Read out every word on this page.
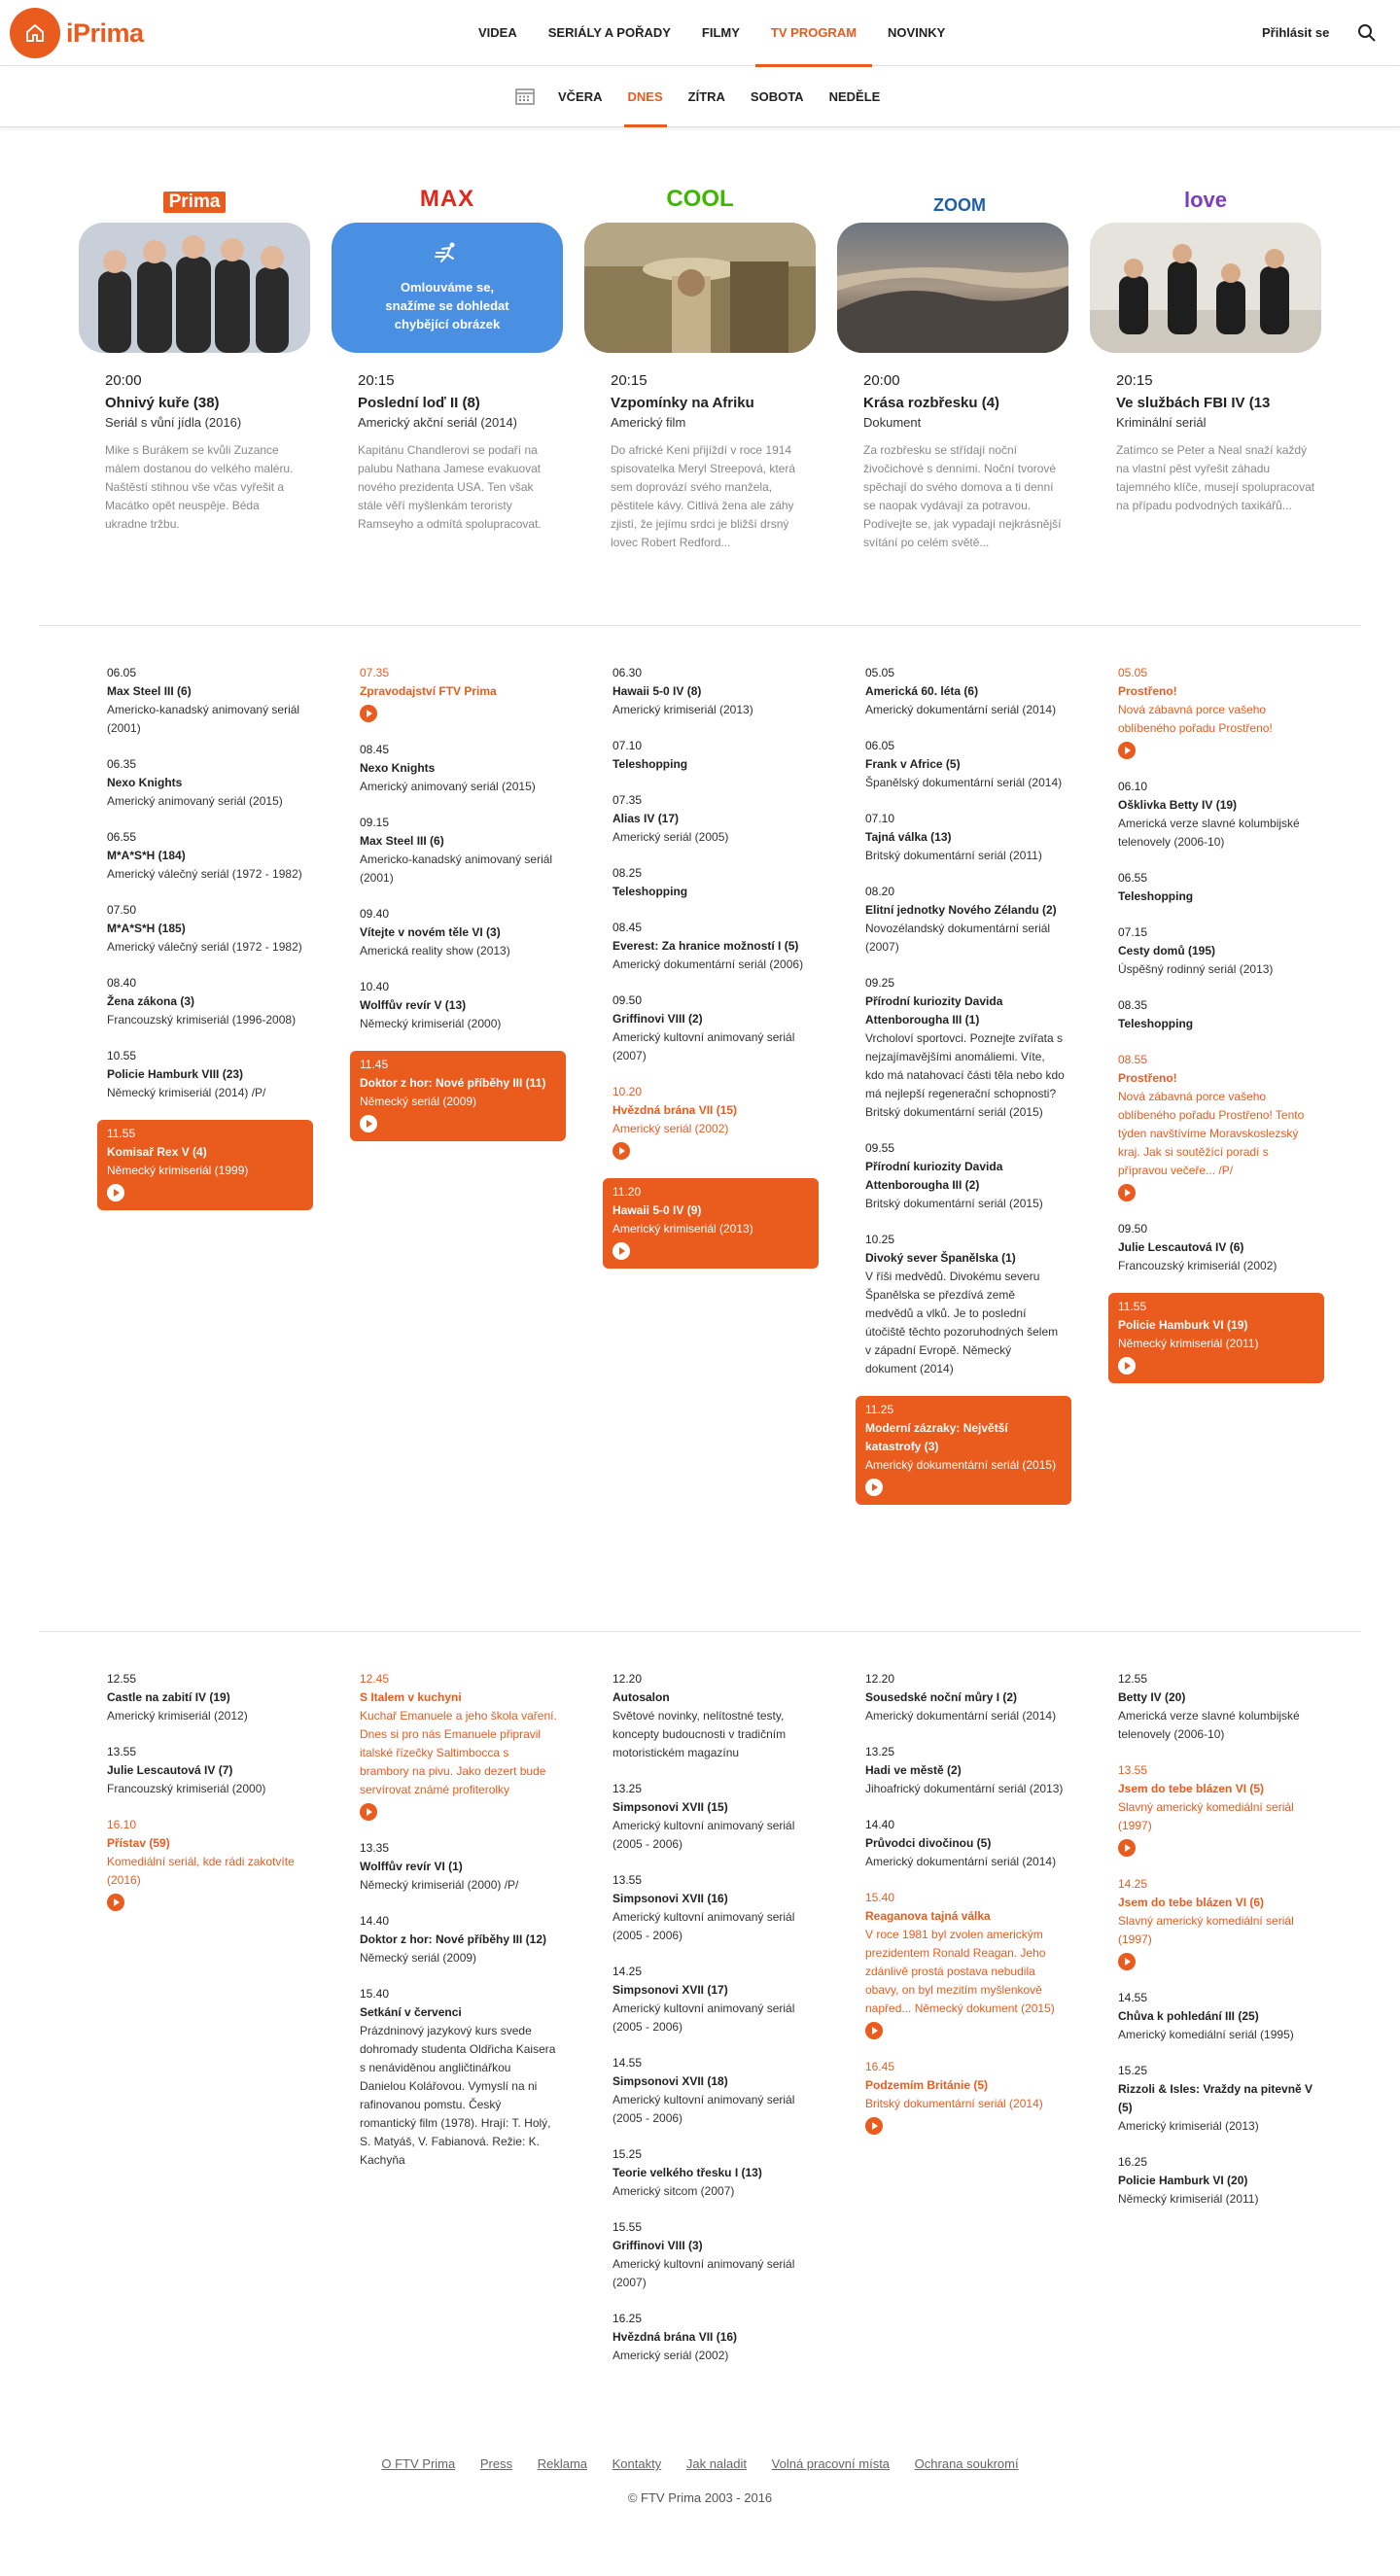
iPrima	VIDEA	SERIÁLY A POŘADY	FILMY	TV PROGRAM	NOVINKY	Přihlásit se
VČERA DNES ZÍTRA SOBOTA NEDĚLE
Prima
20:00
Ohnivý kuře (38)
Seriál s vůní jídla (2016)
Mike s Burákem se kvůli Zuzance málem dostanou do velkého maléru. Naštěstí stihnou vše včas vyřešit a Macátko opět neuspěje. Béda ukradne tržbu.
MAX
Omlouváme se, snažíme se dohledat chybějící obrázek
20:15
Poslední loď II (8)
Americký akční seriál (2014)
Kapitánu Chandlerovi se podaří na palubu Nathana Jamese evakuovat nového prezidenta USA. Ten však stále věří myšlenkám teroristy Ramseyho a odmítá spolupracovat.
COOL
20:15
Vzpomínky na Afriku
Americký film
Do africké Keni přijíždí v roce 1914 spisovatelka Meryl Streepová, která sem doprovází svého manžela, pěstitele kávy. Citlivá žena ale záhy zjistí, že jejímu srdci je bližší drsný lovec Robert Redford...
ZOOM
20:00
Krása rozbřesku (4)
Dokument
Za rozbřesku se střídají noční živočichové s denními. Noční tvorové spěchají do svého domova a ti denní se naopak vydávají za potravou. Podívejte se, jak vypadají nejkrásnější svítání po celém světě...
love
20:15
Ve službách FBI IV (13
Kriminální seriál
Zatímco se Peter a Neal snaží každý na vlastní pěst vyřešit záhadu tajemného klíče, musejí spolupracovat na případu podvodných taxikářů...
06.05
Max Steel III (6)
Americko-kanadský animovaný seriál (2001)
06.35
Nexo Knights
Americký animovaný seriál (2015)
06.55
M*A*S*H (184)
Americký válečný seriál (1972 - 1982)
07.50
M*A*S*H (185)
Americký válečný seriál (1972 - 1982)
08.40
Žena zákona (3)
Francouzský krimiseriál (1996-2008)
10.55
Policie Hamburk VIII (23)
Německý krimiseriál (2014) /P/
11.55
Komisař Rex V (4)
Německý krimiseriál (1999)
07.35
Zpravodajství FTV Prima
08.45
Nexo Knights
Americký animovaný seriál (2015)
09.15
Max Steel III (6)
Americko-kanadský animovaný seriál (2001)
09.40
Vítejte v novém těle VI (3)
Americká reality show (2013)
10.40
Wolffův revír V (13)
Německý krimiseriál (2000)
11.45
Doktor z hor: Nové příběhy III (11)
Německý seriál (2009)
06.30
Hawaii 5-0 IV (8)
Americký krimiseriál (2013)
07.10
Teleshopping
07.35
Alias IV (17)
Americký seriál (2005)
08.25
Teleshopping
08.45
Everest: Za hranice možností I (5)
Americký dokumentární seriál (2006)
09.50
Griffinovi VIII (2)
Americký kultovní animovaný seriál (2007)
10.20
Hvězdná brána VII (15)
Americký seriál (2002)
11.20
Hawaii 5-0 IV (9)
Americký krimiseriál (2013)
05.05
Americká 60. léta (6)
Americký dokumentární seriál (2014)
06.05
Frank v Africe (5)
Španělský dokumentární seriál (2014)
07.10
Tajná válka (13)
Britský dokumentární seriál (2011)
08.20
Elitní jednotky Nového Zélandu (2)
Novozélandský dokumentární seriál (2007)
09.25
Přírodní kuriozity Davida Attenborougha III (1)
Vrcholoví sportovci. Poznejte zvířata s nejzajímavějšími anomáliemi. Víte, kdo má natahovací části těla nebo kdo má nejlepší regenerační schopnosti? Britský dokumentární seriál (2015)
09.55
Přírodní kuriozity Davida Attenborougha III (2)
Britský dokumentární seriál (2015)
10.25
Divoký sever Španělska (1)
V říši medvědů. Divokému severu Španělska se přezdívá země medvědů a vlků. Je to poslední útočiště těchto pozoruhodných šelem v západní Evropě. Německý dokument (2014)
11.25
Moderní zázraky: Největší katastrofy (3)
Americký dokumentární seriál (2015)
05.05
Prostřeno!
Nová zábavná porce vašeho oblíbeného pořadu Prostřeno!
06.10
Ošklivka Betty IV (19)
Americká verze slavné kolumbijské telenovely (2006-10)
06.55
Teleshopping
07.15
Cesty domů (195)
Úspěšný rodinný seriál (2013)
08.35
Teleshopping
08.55
Prostřeno!
Nová zábavná porce vašeho oblíbeného pořadu Prostřeno! Tento týden navštívíme Moravskoslezský kraj. Jak si soutěžící poradí s přípravou večeře... /P/
09.50
Julie Lescautová IV (6)
Francouzský krimiseriál (2002)
11.55
Policie Hamburk VI (19)
Německý krimiseriál (2011)
12.55
Castle na zabití IV (19)
Americký krimiseriál (2012)
13.55
Julie Lescautová IV (7)
Francouzský krimiseriál (2000)
16.10
Přístav (59)
Komediální seriál, kde rádi zakotvíte (2016)
12.45
S Italem v kuchyni
Kuchař Emanuele a jeho škola vaření. Dnes si pro nás Emanuele připravil italské řízečky Saltimbocca s brambory na pivu. Jako dezert bude servírovat známé profiterolky
13.35
Wolffův revír VI (1)
Německý krimiseriál (2000) /P/
14.40
Doktor z hor: Nové příběhy III (12)
Německý seriál (2009)
15.40
Setkání v červenci
Prázdninový jazykový kurs svede dohromady studenta Oldřicha Kaisera s nenáviděnou angličtinářkou Danielou Kolářovou. Vymyslí na ni rafinovanou pomstu. Český romantický film (1978). Hrají: T. Holý, S. Matyáš, V. Fabianová. Režie: K. Kachyňa
12.20
Autosalon
Světové novinky, nelítostné testy, koncepty budoucnosti v tradičním motoristickém magazínu
13.25
Simpsonovi XVII (15)
Americký kultovní animovaný seriál (2005 - 2006)
13.55
Simpsonovi XVII (16)
Americký kultovní animovaný seriál (2005 - 2006)
14.25
Simpsonovi XVII (17)
Americký kultovní animovaný seriál (2005 - 2006)
14.55
Simpsonovi XVII (18)
Americký kultovní animovaný seriál (2005 - 2006)
15.25
Teorie velkého třesku I (13)
Americký sitcom (2007)
15.55
Griffinovi VIII (3)
Americký kultovní animovaný seriál (2007)
16.25
Hvězdná brána VII (16)
Americký seriál (2002)
12.20
Sousedské noční můry I (2)
Americký dokumentární seriál (2014)
13.25
Hadi ve městě (2)
Jihoafrický dokumentární seriál (2013)
14.40
Průvodci divočinou (5)
Americký dokumentární seriál (2014)
15.40
Reaganova tajná válka
V roce 1981 byl zvolen americkým prezidentem Ronald Reagan. Jeho zdánlivě prostá postava nebudila obavy, on byl mezitím myšlenkově napřed... Německý dokument (2015)
16.45
Podzemím Británie (5)
Britský dokumentární seriál (2014)
12.55
Betty IV (20)
Americká verze slavné kolumbijské telenovely (2006-10)
13.55
Jsem do tebe blázen VI (5)
Slavný americký komediální seriál (1997)
14.25
Jsem do tebe blázen VI (6)
Slavný americký komediální seriál (1997)
14.55
Chůva k pohledání III (25)
Americký komediální seriál (1995)
15.25
Rizzoli & Isles: Vraždy na pitevně V (5)
Americký krimiseriál (2013)
16.25
Policie Hamburk VI (20)
Německý krimiseriál (2011)
O FTV Prima Press Reklama Kontakty Jak naladit Volná pracovní místa Ochrana soukromí
© FTV Prima 2003 - 2016
